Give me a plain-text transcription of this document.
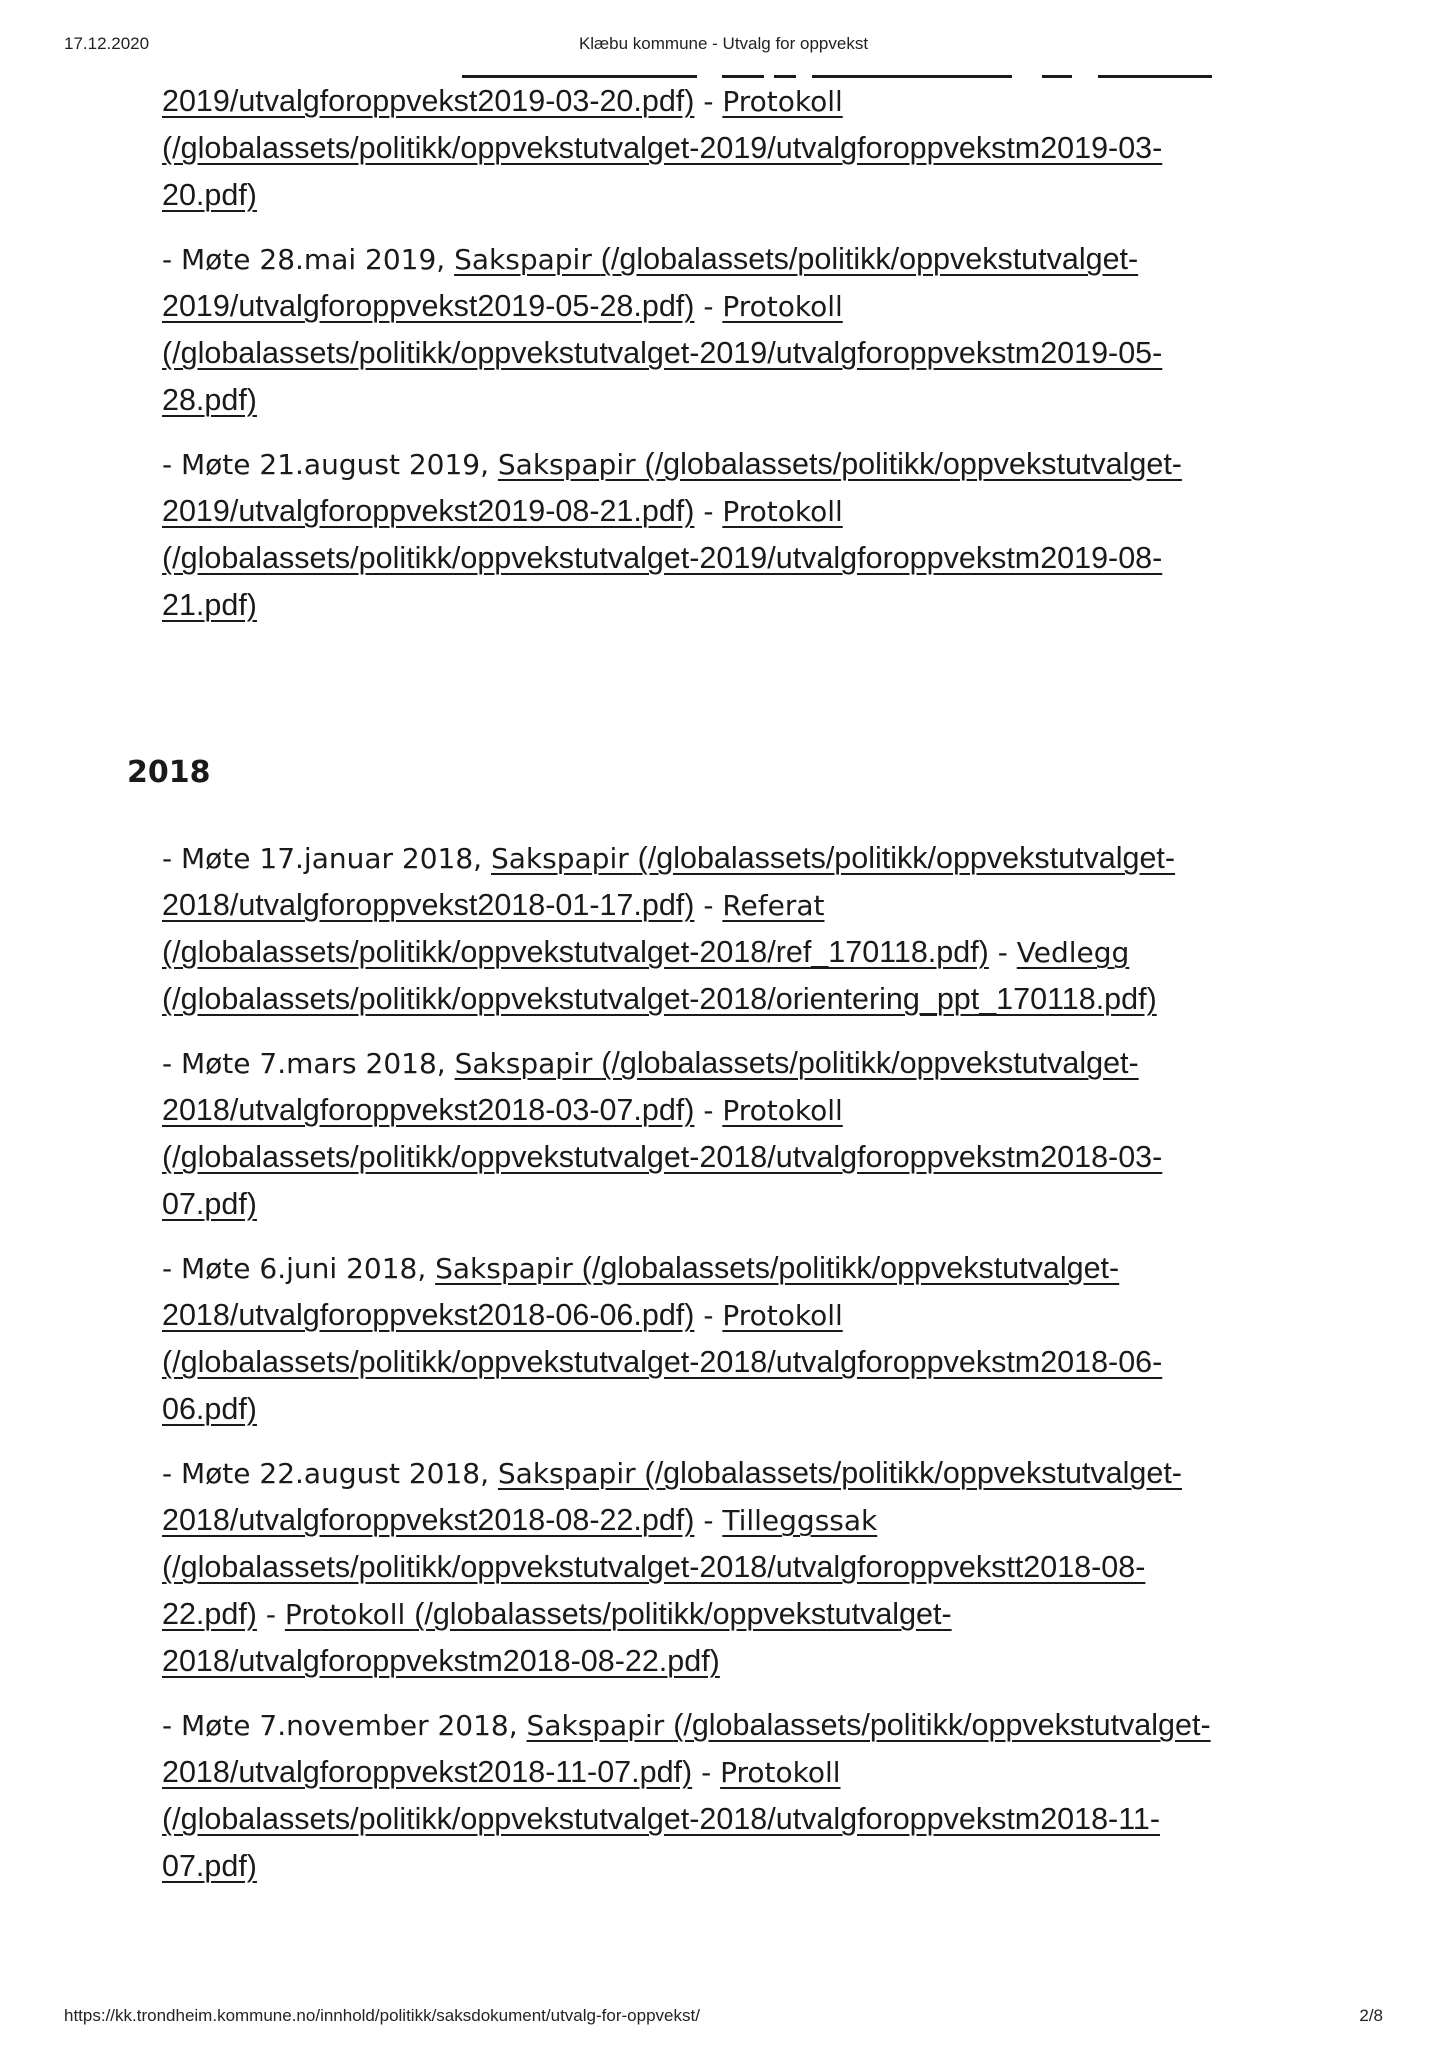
17.12.2020	Klæbu kommune - Utvalg for oppvekst

2019/utvalgforoppvekst2019-03-20.pdf) - Protokoll
(/globalassets/politikk/oppvekstutvalget-2019/utvalgforoppvekstm2019-03-
20.pdf)

- Møte 28.mai 2019, Sakspapir (/globalassets/politikk/oppvekstutvalget-
2019/utvalgforoppvekst2019-05-28.pdf) - Protokoll
(/globalassets/politikk/oppvekstutvalget-2019/utvalgforoppvekstm2019-05-
28.pdf)

- Møte 21.august 2019, Sakspapir (/globalassets/politikk/oppvekstutvalget-
2019/utvalgforoppvekst2019-08-21.pdf) - Protokoll
(/globalassets/politikk/oppvekstutvalget-2019/utvalgforoppvekstm2019-08-
21.pdf)

2018

- Møte 17.januar 2018, Sakspapir (/globalassets/politikk/oppvekstutvalget-
2018/utvalgforoppvekst2018-01-17.pdf) - Referat
(/globalassets/politikk/oppvekstutvalget-2018/ref_170118.pdf) - Vedlegg
(/globalassets/politikk/oppvekstutvalget-2018/orientering_ppt_170118.pdf)

- Møte 7.mars 2018, Sakspapir (/globalassets/politikk/oppvekstutvalget-
2018/utvalgforoppvekst2018-03-07.pdf) - Protokoll
(/globalassets/politikk/oppvekstutvalget-2018/utvalgforoppvekstm2018-03-
07.pdf)

- Møte 6.juni 2018, Sakspapir (/globalassets/politikk/oppvekstutvalget-
2018/utvalgforoppvekst2018-06-06.pdf) - Protokoll
(/globalassets/politikk/oppvekstutvalget-2018/utvalgforoppvekstm2018-06-
06.pdf)

- Møte 22.august 2018, Sakspapir (/globalassets/politikk/oppvekstutvalget-
2018/utvalgforoppvekst2018-08-22.pdf) - Tilleggssak
(/globalassets/politikk/oppvekstutvalget-2018/utvalgforoppvekstt2018-08-
22.pdf) - Protokoll (/globalassets/politikk/oppvekstutvalget-
2018/utvalgforoppvekstm2018-08-22.pdf)

- Møte 7.november 2018, Sakspapir (/globalassets/politikk/oppvekstutvalget-
2018/utvalgforoppvekst2018-11-07.pdf) - Protokoll
(/globalassets/politikk/oppvekstutvalget-2018/utvalgforoppvekstm2018-11-
07.pdf)

https://kk.trondheim.kommune.no/innhold/politikk/saksdokument/utvalg-for-oppvekst/	2/8
